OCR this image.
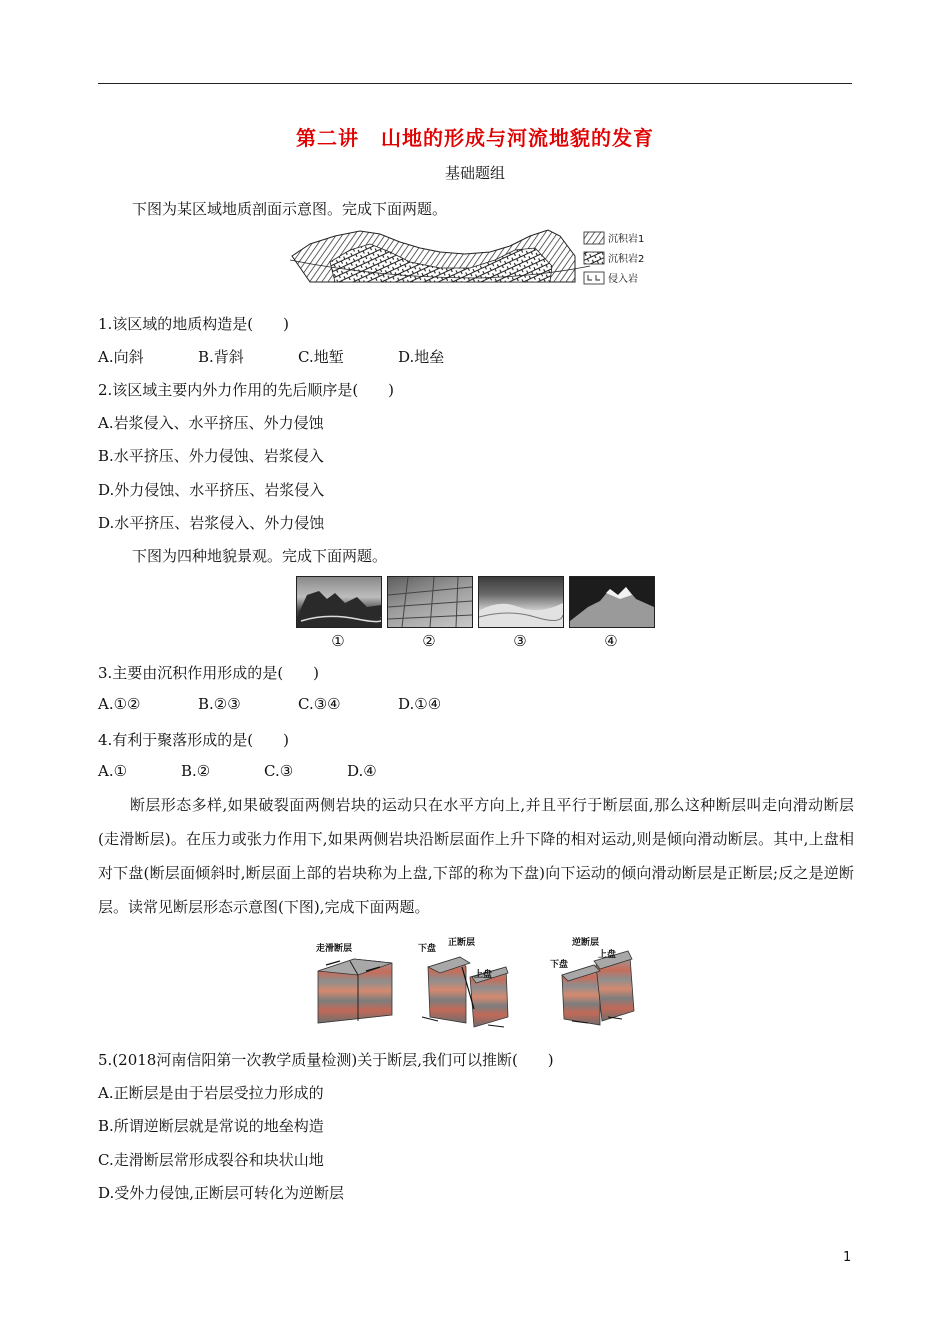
第二讲 山地的形成与河流地貌的发育
基础题组
下图为某区域地质剖面示意图。完成下面两题。
沉积岩1
沉积岩2
侵入岩
1.该区域的地质构造是(　　)
A.向斜	B.背斜	C.地堑	D.地垒
2.该区域主要内外力作用的先后顺序是(　　)
A.岩浆侵入、水平挤压、外力侵蚀
B.水平挤压、外力侵蚀、岩浆侵入
D.外力侵蚀、水平挤压、岩浆侵入
D.水平挤压、岩浆侵入、外力侵蚀
下图为四种地貌景观。完成下面两题。
①	②	③	④
3.主要由沉积作用形成的是(　　)
A.①②	B.②③	C.③④	D.①④
4.有利于聚落形成的是(　　)
A.①	B.②	C.③	D.④
断层形态多样,如果破裂面两侧岩块的运动只在水平方向上,并且平行于断层面,那么这种断层叫走向滑动断层(走滑断层)。在压力或张力作用下,如果两侧岩块沿断层面作上升下降的相对运动,则是倾向滑动断层。其中,上盘相对下盘(断层面倾斜时,断层面上部的岩块称为上盘,下部的称为下盘)向下运动的倾向滑动断层是正断层;反之是逆断层。读常见断层形态示意图(下图),完成下面两题。
走滑断层	下盘
正断层
上盘
逆断层
下盘
上盘
5.(2018河南信阳第一次教学质量检测)关于断层,我们可以推断(　　)
A.正断层是由于岩层受拉力形成的
B.所谓逆断层就是常说的地垒构造
C.走滑断层常形成裂谷和块状山地
D.受外力侵蚀,正断层可转化为逆断层
1
